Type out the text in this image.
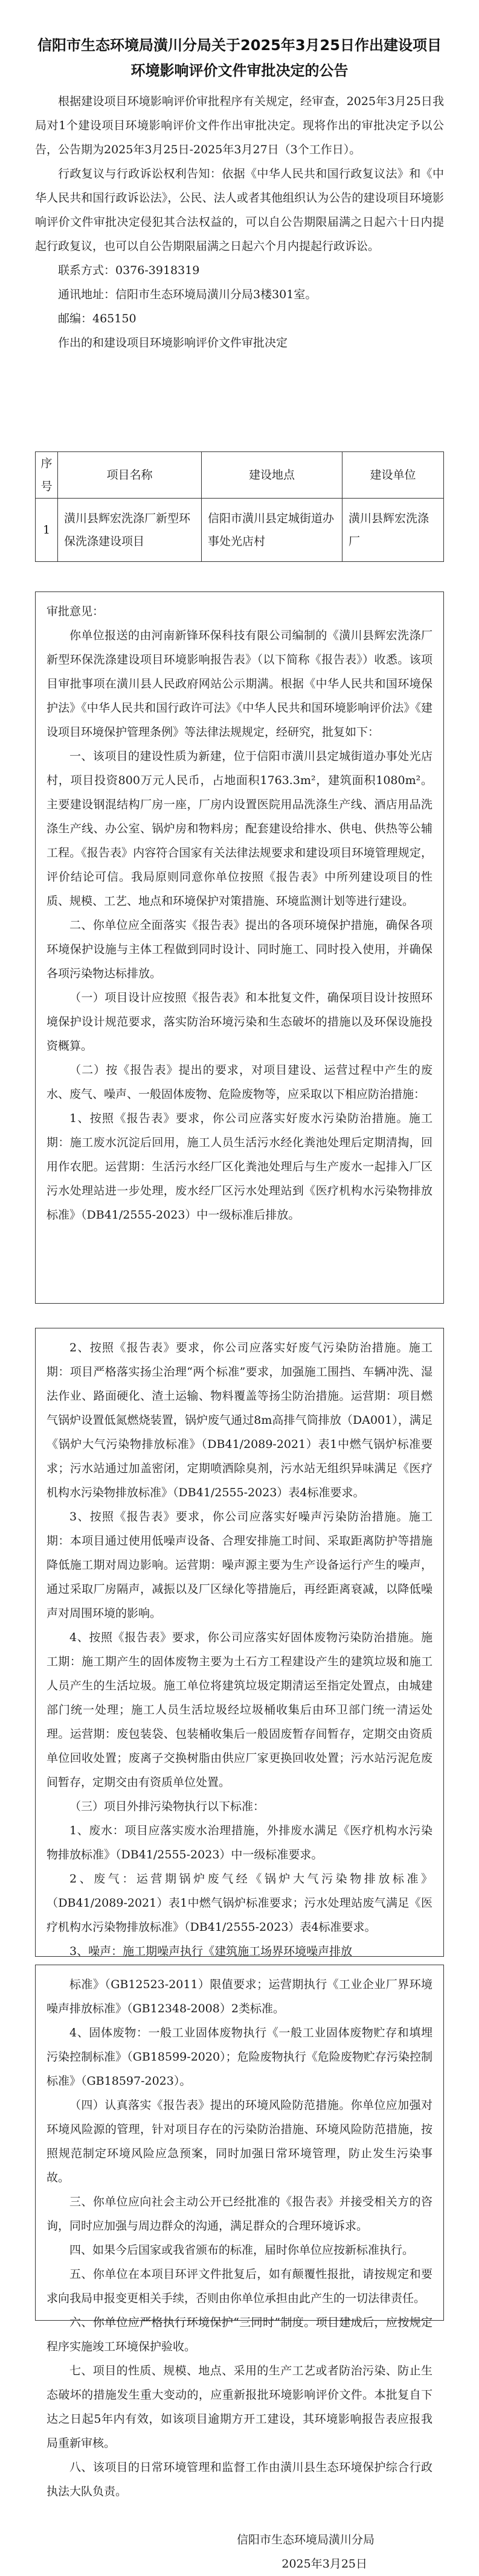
信阳市生态环境局潢川分局关于2025年3月25日作出建设项目环境影响评价文件审批决定的公告

根据建设项目环境影响评价审批程序有关规定，经审查，2025年3月25日我局对1个建设项目环境影响评价文件作出审批决定。现将作出的审批决定予以公告，公告期为2025年3月25日-2025年3月27日（3个工作日）。

行政复议与行政诉讼权利告知：依据《中华人民共和国行政复议法》和《中华人民共和国行政诉讼法》，公民、法人或者其他组织认为公告的建设项目环境影响评价文件审批决定侵犯其合法权益的，可以自公告期限届满之日起六十日内提起行政复议，也可以自公告期限届满之日起六个月内提起行政诉讼。

联系方式：0376-3918319

通讯地址：信阳市生态环境局潢川分局3楼301室。

邮编：465150

作出的和建设项目环境影响评价文件审批决定

序号	项目名称	建设地点	建设单位
1	潢川县辉宏洗涤厂新型环保洗涤建设项目	信阳市潢川县定城街道办事处光店村	潢川县辉宏洗涤厂

审批意见：

你单位报送的由河南新锋环保科技有限公司编制的《潢川县辉宏洗涤厂新型环保洗涤建设项目环境影响报告表》（以下简称《报告表》）收悉。该项目审批事项在潢川县人民政府网站公示期满。根据《中华人民共和国环境保护法》《中华人民共和国行政许可法》《中华人民共和国环境影响评价法》《建设项目环境保护管理条例》等法律法规规定，经研究，批复如下：

一、该项目的建设性质为新建，位于信阳市潢川县定城街道办事处光店村，项目投资800万元人民币，占地面积1763.3m²，建筑面积1080m²。主要建设钢混结构厂房一座，厂房内设置医院用品洗涤生产线、酒店用品洗涤生产线、办公室、锅炉房和物料房；配套建设给排水、供电、供热等公辅工程。《报告表》内容符合国家有关法律法规要求和建设项目环境管理规定，评价结论可信。我局原则同意你单位按照《报告表》中所列建设项目的性质、规模、工艺、地点和环境保护对策措施、环境监测计划等进行建设。

二、你单位应全面落实《报告表》提出的各项环境保护措施，确保各项环境保护设施与主体工程做到同时设计、同时施工、同时投入使用，并确保各项污染物达标排放。

（一）项目设计应按照《报告表》和本批复文件，确保项目设计按照环境保护设计规范要求，落实防治环境污染和生态破坏的措施以及环保设施投资概算。

（二）按《报告表》提出的要求，对项目建设、运营过程中产生的废水、废气、噪声、一般固体废物、危险废物等，应采取以下相应防治措施：

1、按照《报告表》要求，你公司应落实好废水污染防治措施。施工期：施工废水沉淀后回用，施工人员生活污水经化粪池处理后定期清掏，回用作农肥。运营期：生活污水经厂区化粪池处理后与生产废水一起排入厂区污水处理站进一步处理，废水经厂区污水处理站到《医疗机构水污染物排放标准》（DB41/2555-2023）中一级标准后排放。

2、按照《报告表》要求，你公司应落实好废气污染防治措施。施工期：项目严格落实扬尘治理“两个标准”要求，加强施工围挡、车辆冲洗、湿法作业、路面硬化、渣土运输、物料覆盖等扬尘防治措施。运营期：项目燃气锅炉设置低氮燃烧装置，锅炉废气通过8m高排气筒排放（DA001），满足《锅炉大气污染物排放标准》（DB41/2089-2021）表1中燃气锅炉标准要求；污水站通过加盖密闭，定期喷洒除臭剂，污水站无组织异味满足《医疗机构水污染物排放标准》（DB41/2555-2023）表4标准要求。

3、按照《报告表》要求，你公司应落实好噪声污染防治措施。施工期：本项目通过使用低噪声设备、合理安排施工时间、采取距离防护等措施降低施工期对周边影响。运营期：噪声源主要为生产设备运行产生的噪声，通过采取厂房隔声，减振以及厂区绿化等措施后，再经距离衰减，以降低噪声对周围环境的影响。

4、按照《报告表》要求，你公司应落实好固体废物污染防治措施。施工期：施工期产生的固体废物主要为土石方工程建设产生的建筑垃圾和施工人员产生的生活垃圾。施工单位将建筑垃圾定期清运至指定处置点，由城建部门统一处理；施工人员生活垃圾经垃圾桶收集后由环卫部门统一清运处理。运营期：废包装袋、包装桶收集后一般固废暂存间暂存，定期交由资质单位回收处置；废离子交换树脂由供应厂家更换回收处置；污水站污泥危废间暂存，定期交由有资质单位处置。

（三）项目外排污染物执行以下标准：

1、废水：项目应落实废水治理措施，外排废水满足《医疗机构水污染物排放标准》（DB41/2555-2023）中一级标准要求。

2、废气：运营期锅炉废气经《锅炉大气污染物排放标准》（DB41/2089-2021）表1中燃气锅炉标准要求；污水处理站废气满足《医疗机构水污染物排放标准》（DB41/2555-2023）表4标准要求。

3、噪声：施工期噪声执行《建筑施工场界环境噪声排放

标准》（GB12523-2011）限值要求；运营期执行《工业企业厂界环境噪声排放标准》（GB12348-2008）2类标准。

4、固体废物：一般工业固体废物执行《一般工业固体废物贮存和填埋污染控制标准》（GB18599-2020）；危险废物执行《危险废物贮存污染控制标准》（GB18597-2023）。

（四）认真落实《报告表》提出的环境风险防范措施。你单位应加强对环境风险源的管理，针对项目存在的污染防治措施、环境风险防范措施，按照规范制定环境风险应急预案，同时加强日常环境管理，防止发生污染事故。

三、你单位应向社会主动公开已经批准的《报告表》并接受相关方的咨询，同时应加强与周边群众的沟通，满足群众的合理环境诉求。

四、如果今后国家或我省颁布的标准，届时你单位应按新标准执行。

五、你单位在本项目环评文件批复后，如有颠覆性报批，请按规定和要求向我局申报变更相关手续，否则由你单位承担由此产生的一切法律责任。

六、你单位应严格执行环境保护“三同时”制度。项目建成后，应按规定程序实施竣工环境保护验收。

七、项目的性质、规模、地点、采用的生产工艺或者防治污染、防止生态破坏的措施发生重大变动的，应重新报批环境影响评价文件。本批复自下达之日起5年内有效，如该项目逾期方开工建设，其环境影响报告表应报我局重新审核。

八、该项目的日常环境管理和监督工作由潢川县生态环境保护综合行政执法大队负责。

信阳市生态环境局潢川分局

2025年3月25日
